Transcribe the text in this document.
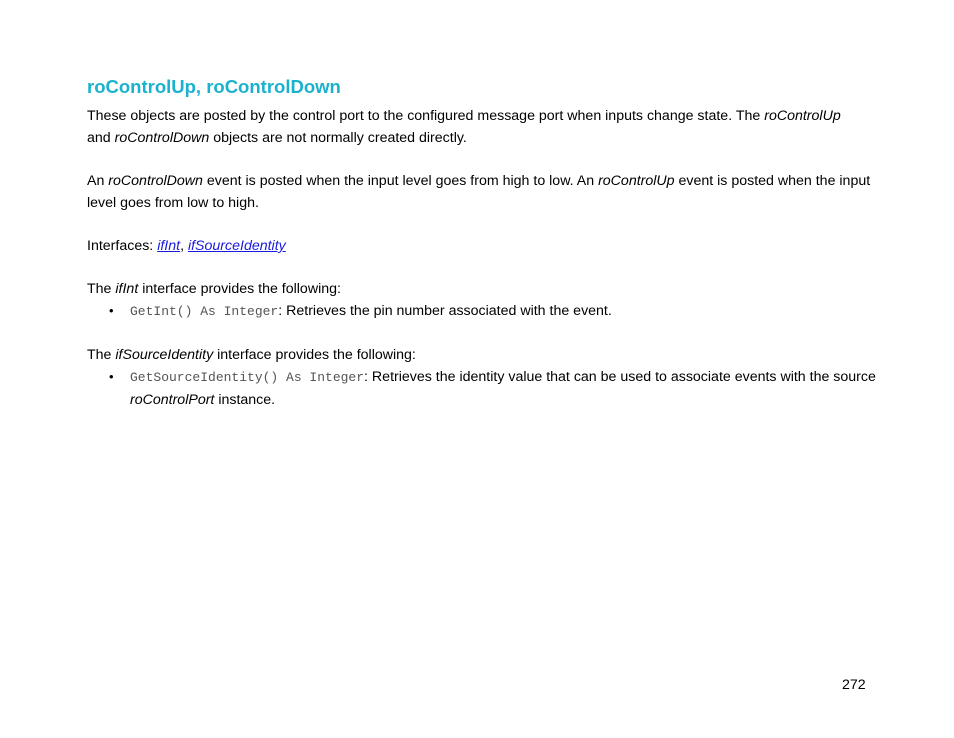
roControlUp, roControlDown

These objects are posted by the control port to the configured message port when inputs change state. The roControlUp
and roControlDown objects are not normally created directly.

An roControlDown event is posted when the input level goes from high to low. An roControlUp event is posted when the input level goes from low to high.

Interfaces: ifInt, ifSourceIdentity

The ifInt interface provides the following:

• GetInt() As Integer: Retrieves the pin number associated with the event.

The ifSourceIdentity interface provides the following:

• GetSourceIdentity() As Integer: Retrieves the identity value that can be used to associate events with the source roControlPort instance.
272
